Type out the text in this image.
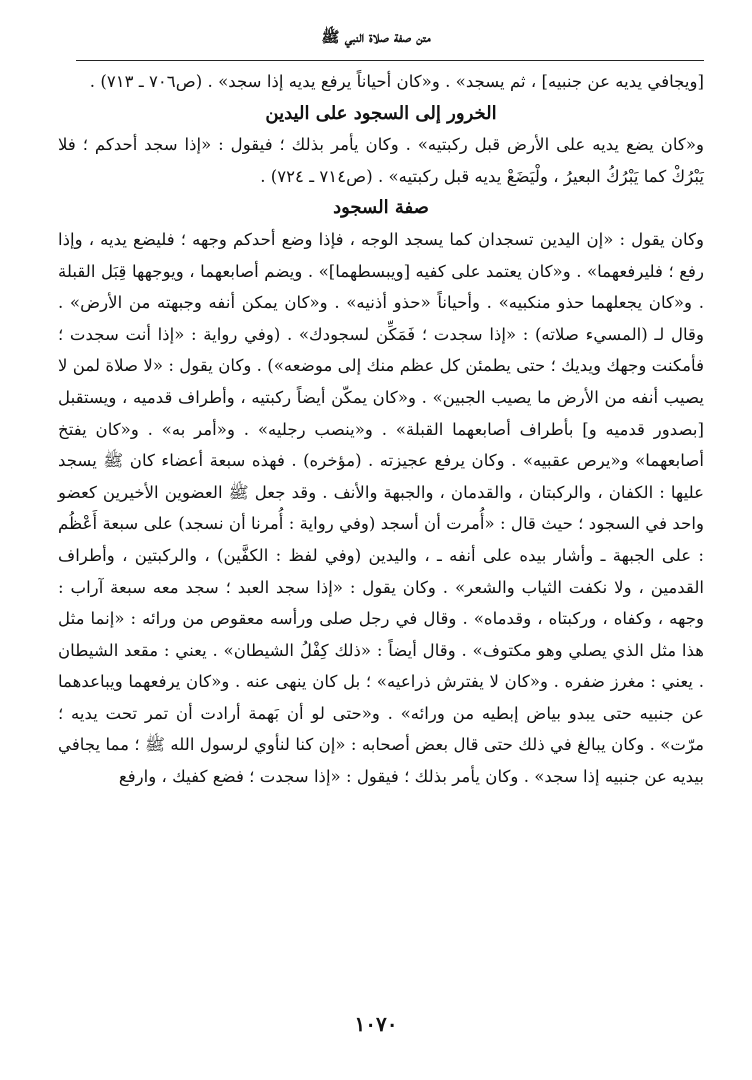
متن صفة صلاة النبي ﷺ

[ويجافي يديه عن جنبيه] ، ثم يسجد» . و«كان أحياناً يرفع يديه إذا سجد» . (ص٧٠٦ ـ ٧١٣) .

الخرور إلى السجود على اليدين

و«كان يضع يديه على الأرض قبل ركبتيه» . وكان يأمر بذلك ؛ فيقول : «إذا سجد أحدكم ؛ فلا يَبْرُكْ كما يَبْرُكُ البعيرُ ، ولْيَضَعْ يديه قبل ركبتيه» . (ص٧١٤ ـ ٧٢٤) .

صفة السجود

وكان يقول : «إن اليدين تسجدان كما يسجد الوجه ، فإذا وضع أحدكم وجهه ؛ فليضع يديه ، وإذا رفع ؛ فليرفعهما» . و«كان يعتمد على كفيه [ويبسطهما]» . ويضم أصابعهما ، ويوجهها قِبَل القبلة . و«كان يجعلهما حذو منكبيه» . وأحياناً «حذو أذنيه» . و«كان يمكن أنفه وجبهته من الأرض» . وقال لـ (المسيء صلاته) : «إذا سجدت ؛ فَمَكِّن لسجودك» . (وفي رواية : «إذا أنت سجدت ؛ فأمكنت وجهك ويديك ؛ حتى يطمئن كل عظم منك إلى موضعه») . وكان يقول : «لا صلاة لمن لا يصيب أنفه من الأرض ما يصيب الجبين» . و«كان يمكّن أيضاً ركبتيه ، وأطراف قدميه ، ويستقبل [بصدور قدميه و] بأطراف أصابعهما القبلة» . و«ينصب رجليه» . و«أمر به» . و«كان يفتخ أصابعهما» و«يرص عقبيه» . وكان يرفع عجيزته . (مؤخره) . فهذه سبعة أعضاء كان ﷺ يسجد عليها : الكفان ، والركبتان ، والقدمان ، والجبهة والأنف . وقد جعل ﷺ العضوين الأخيرين كعضو واحد في السجود ؛ حيث قال : «أُمرت أن أسجد (وفي رواية : أُمرنا أن نسجد) على سبعة أَعْظُم : على الجبهة ـ وأشار بيده على أنفه ـ ، واليدين (وفي لفظ : الكفَّين) ، والركبتين ، وأطراف القدمين ، ولا نكفت الثياب والشعر» . وكان يقول : «إذا سجد العبد ؛ سجد معه سبعة آراب : وجهه ، وكفاه ، وركبتاه ، وقدماه» . وقال في رجل صلى ورأسه معقوص من ورائه : «إنما مثل هذا مثل الذي يصلي وهو مكتوف» . وقال أيضاً : «ذلك كِفْلُ الشيطان» . يعني : مقعد الشيطان . يعني : مغرز ضفره . و«كان لا يفترش ذراعيه» ؛ بل كان ينهى عنه . و«كان يرفعهما ويباعدهما عن جنبيه حتى يبدو بياض إبطيه من ورائه» . و«حتى لو أن بَهمة أرادت أن تمر تحت يديه ؛ مرّت» . وكان يبالغ في ذلك حتى قال بعض أصحابه : «إن كنا لنأوي لرسول الله ﷺ ؛ مما يجافي بيديه عن جنبيه إذا سجد» . وكان يأمر بذلك ؛ فيقول : «إذا سجدت ؛ فضع كفيك ، وارفع

١٠٧٠
